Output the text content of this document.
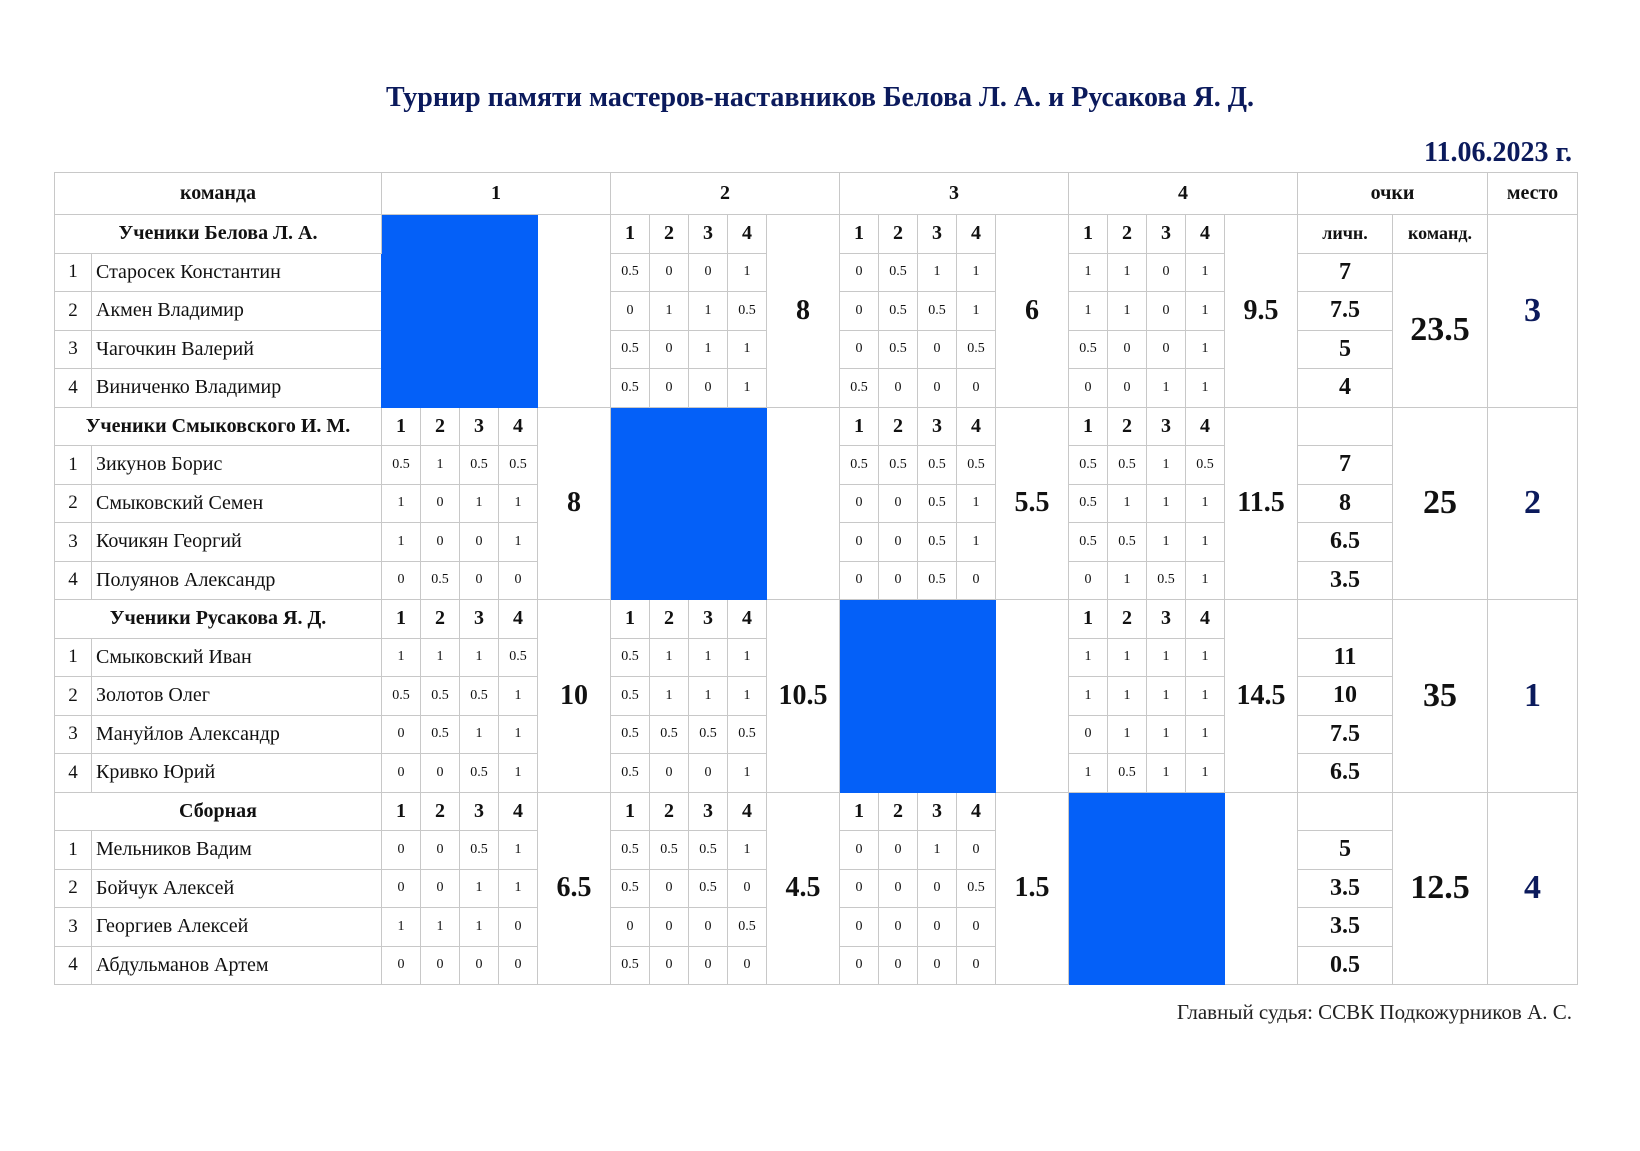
Турнир памяти мастеров-наставников Белова Л. А. и Русакова Я. Д.
11.06.2023 г.
команда		1					2					3					4					очки		место
Ученики Белова Л. А.							1	2	3	4	8	1	2	3	4	6	1	2	3	4	9.5	личн.	команд.	3
1	Старосек Константин						0.5	0	0	1		0	0.5	1	1		1	1	0	1		7	23.5	
2	Акмен Владимир						0	1	1	0.5		0	0.5	0.5	1		1	1	0	1		7.5		
3	Чагочкин Валерий						0.5	0	1	1		0	0.5	0	0.5		0.5	0	0	1		5		
4	Виниченко Владимир						0.5	0	0	1		0.5	0	0	0		0	0	1	1		4		
Ученики Смыковского И. М.		1	2	3	4	8						1	2	3	4	5.5	1	2	3	4	11.5		25	2
1	Зикунов Борис	0.5	1	0.5	0.5							0.5	0.5	0.5	0.5		0.5	0.5	1	0.5		7		
2	Смыковский Семен	1	0	1	1							0	0	0.5	1		0.5	1	1	1		8		
3	Кочикян Георгий	1	0	0	1							0	0	0.5	1		0.5	0.5	1	1		6.5		
4	Полуянов Александр	0	0.5	0	0							0	0	0.5	0		0	1	0.5	1		3.5		
Ученики Русакова Я. Д.		1	2	3	4	10	1	2	3	4	10.5						1	2	3	4	14.5		35	1
1	Смыковский Иван	1	1	1	0.5		0.5	1	1	1							1	1	1	1		11		
2	Золотов Олег	0.5	0.5	0.5	1		0.5	1	1	1							1	1	1	1		10		
3	Мануйлов Александр	0	0.5	1	1		0.5	0.5	0.5	0.5							0	1	1	1		7.5		
4	Кривко Юрий	0	0	0.5	1		0.5	0	0	1							1	0.5	1	1		6.5		
Сборная		1	2	3	4	6.5	1	2	3	4	4.5	1	2	3	4	1.5							12.5	4
1	Мельников Вадим	0	0	0.5	1		0.5	0.5	0.5	1		0	0	1	0							5		
2	Бойчук Алексей	0	0	1	1		0.5	0	0.5	0		0	0	0	0.5							3.5		
3	Георгиев Алексей	1	1	1	0		0	0	0	0.5		0	0	0	0							3.5		
4	Абдульманов Артем	0	0	0	0		0.5	0	0	0		0	0	0	0							0.5		
Главный судья: ССВК Подкожурников А. С.
